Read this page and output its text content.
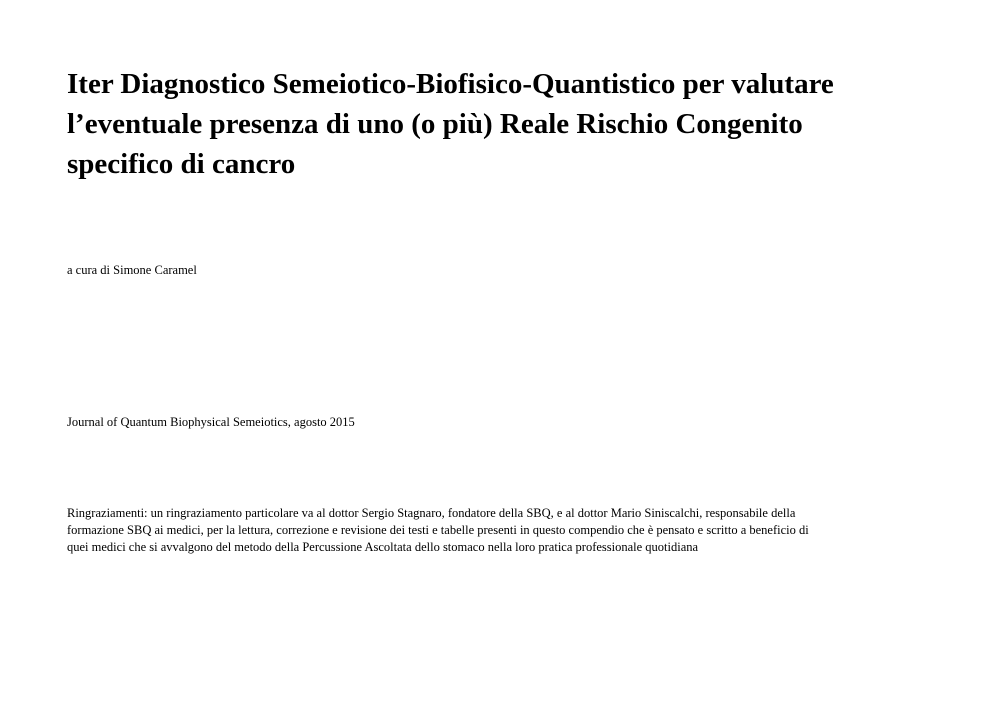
Iter Diagnostico Semeiotico-Biofisico-Quantistico per valutare
l’eventuale presenza di uno (o più) Reale Rischio Congenito
specifico di cancro
a cura di Simone Caramel
Journal of Quantum Biophysical Semeiotics, agosto 2015
Ringraziamenti: un ringraziamento particolare va al dottor Sergio Stagnaro, fondatore della SBQ, e al dottor Mario Siniscalchi, responsabile della
formazione SBQ ai medici, per la lettura, correzione e revisione dei testi e tabelle presenti in questo compendio che è pensato e scritto a beneficio di
quei medici che si avvalgono del metodo della Percussione Ascoltata dello stomaco nella loro pratica professionale quotidiana
